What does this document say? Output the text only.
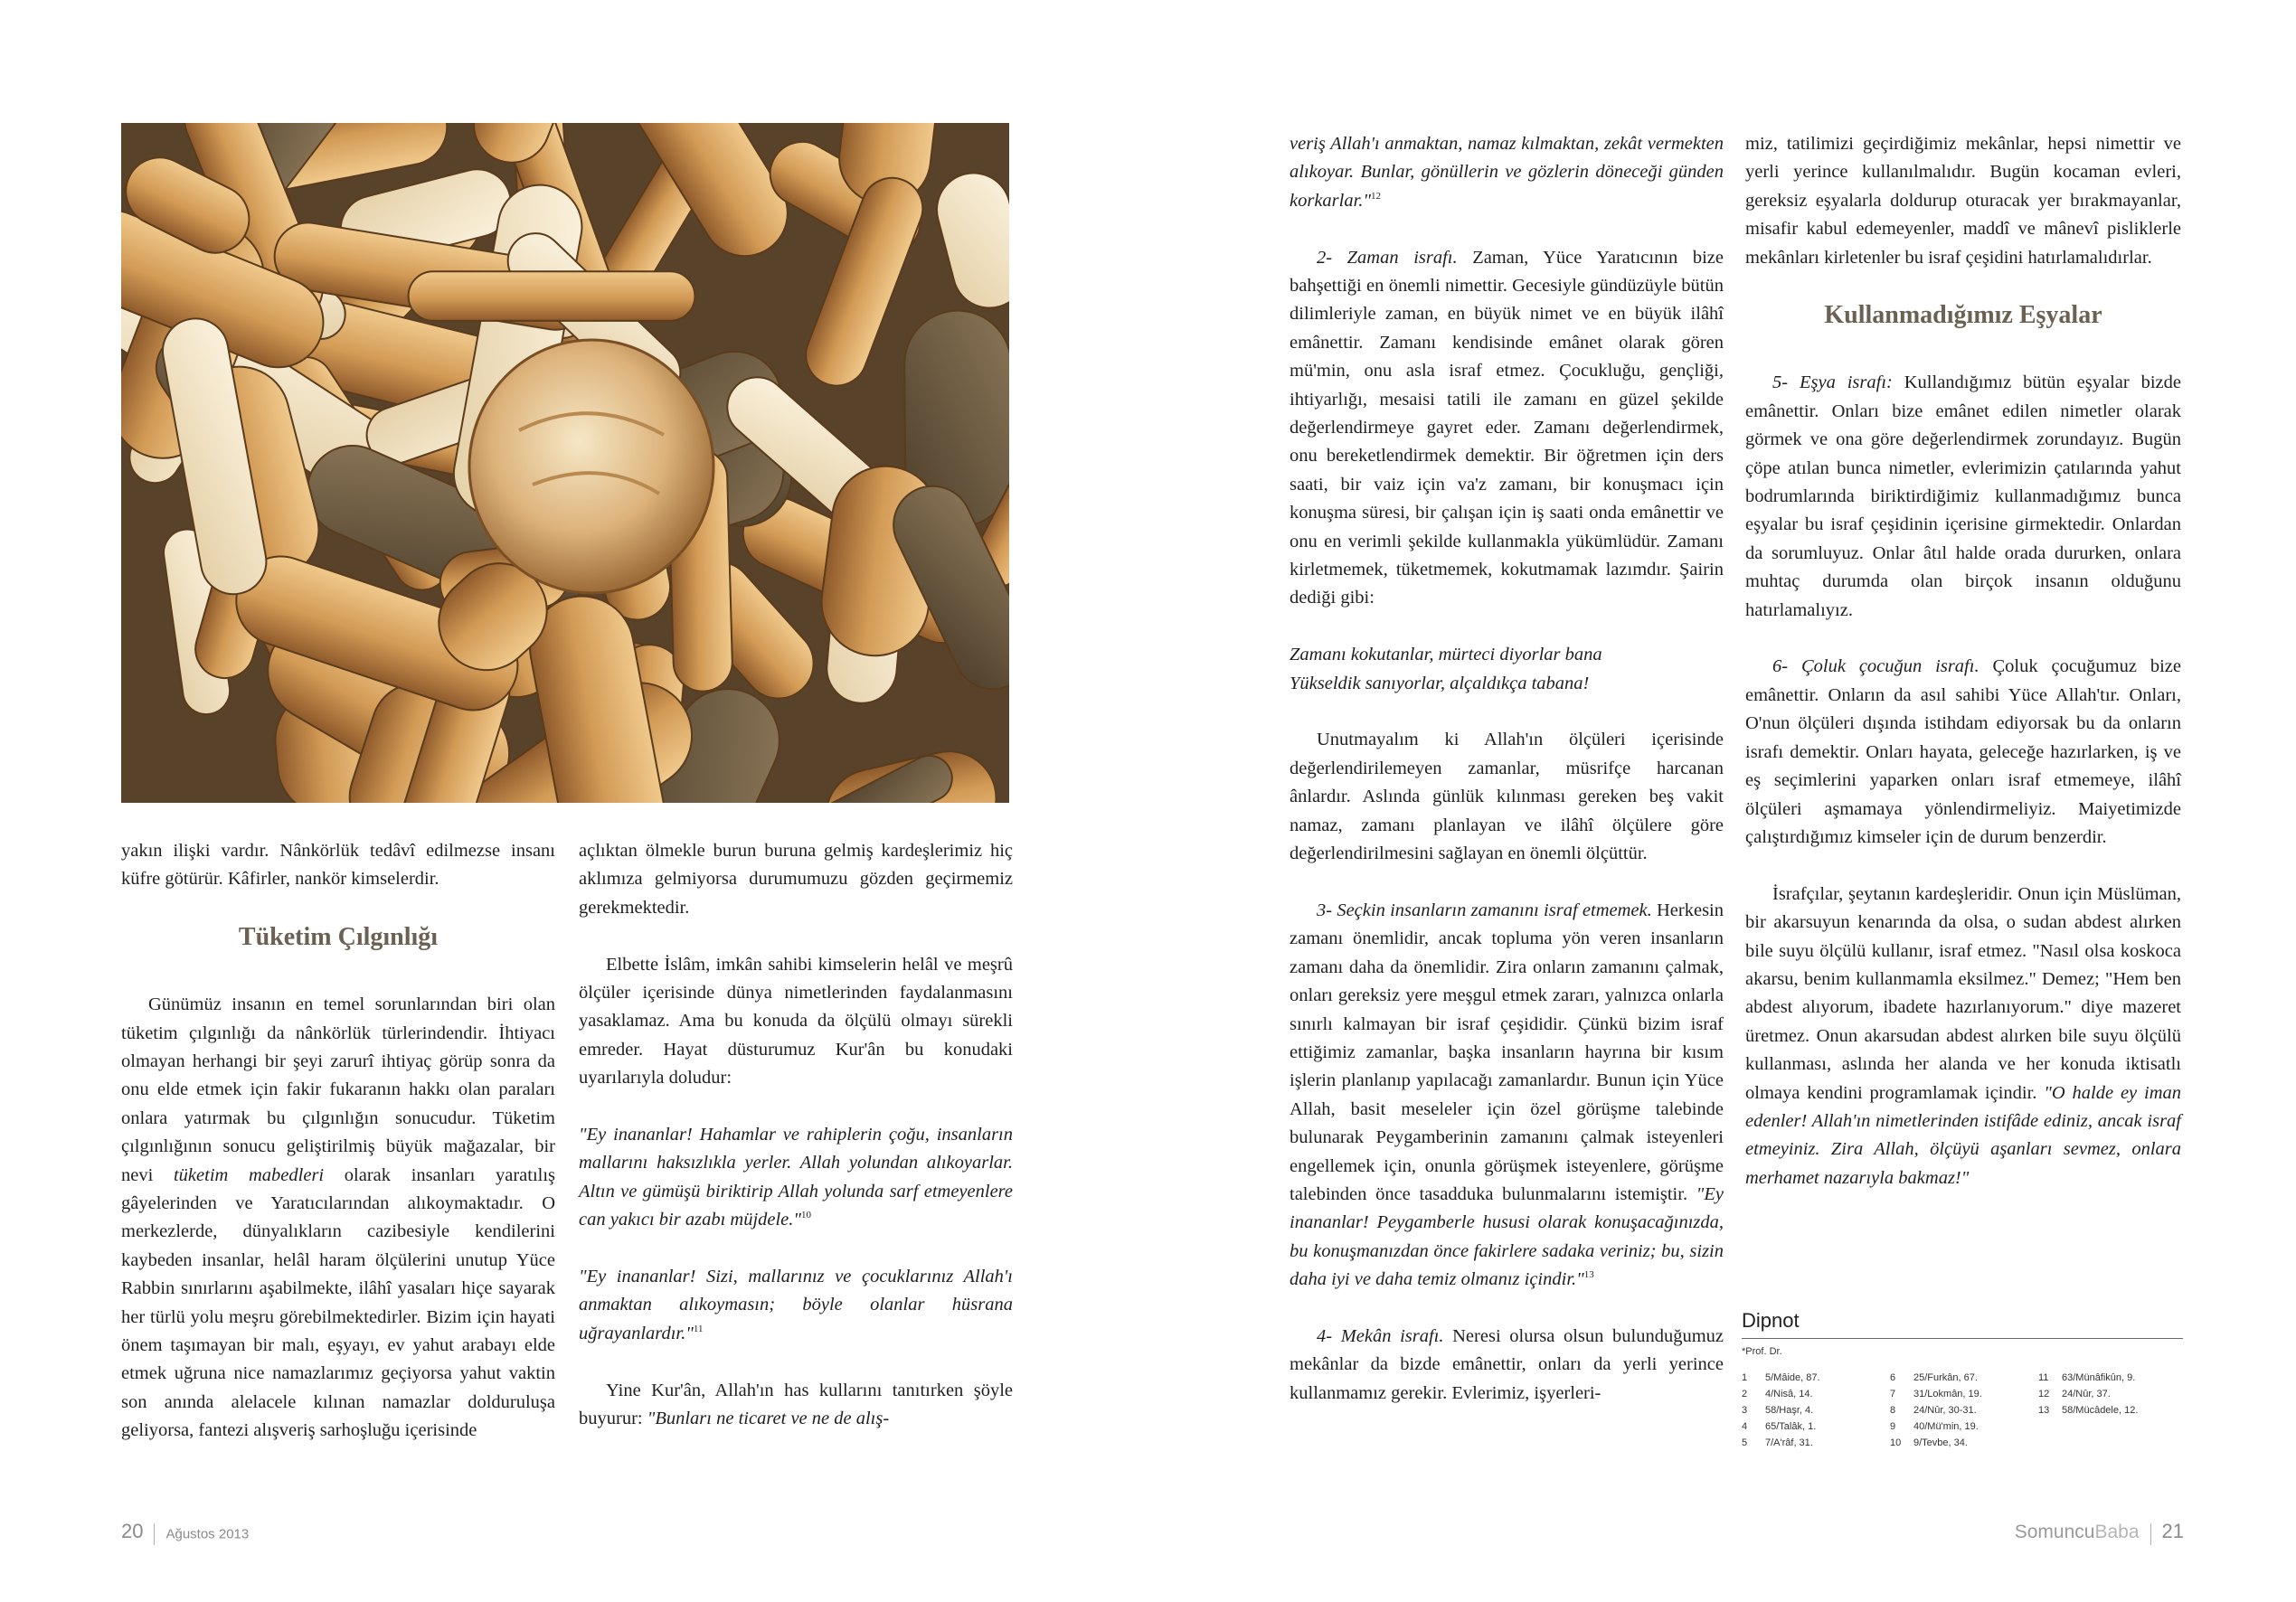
yakın ilişki vardır. Nânkörlük tedâvî edilmezse insanı küfre götürür. Kâfirler, nankör kimselerdir.

Tüketim Çılgınlığı

Günümüz insanın en temel sorunlarından biri olan tüketim çılgınlığı da nânkörlük türlerindendir. İhtiyacı olmayan herhangi bir şeyi zarurî ihtiyaç görüp sonra da onu elde etmek için fakir fukaranın hakkı olan paraları onlara yatırmak bu çılgınlığın sonucudur. Tüketim çılgınlığının sonucu geliştirilmiş büyük mağazalar, bir nevi tüketim mabedleri olarak insanları yaratılış gâyelerinden ve Yaratıcılarından alıkoymaktadır. O merkezlerde, dünyalıkların cazibesiyle kendilerini kaybeden insanlar, helâl haram ölçülerini unutup Yüce Rabbin sınırlarını aşabilmekte, ilâhî yasaları hiçe sayarak her türlü yolu meşru görebilmektedirler. Bizim için hayati önem taşımayan bir malı, eşyayı, ev yahut arabayı elde etmek uğruna nice namazlarımız geçiyorsa yahut vaktin son anında alelacele kılınan namazlar dolduruluşa geliyorsa, fantezi alışveriş sarhoşluğu içerisinde

açlıktan ölmekle burun buruna gelmiş kardeşlerimiz hiç aklımıza gelmiyorsa durumumuzu gözden geçirmemiz gerekmektedir.

Elbette İslâm, imkân sahibi kimselerin helâl ve meşrû ölçüler içerisinde dünya nimetlerinden faydalanmasını yasaklamaz. Ama bu konuda da ölçülü olmayı sürekli emreder. Hayat düsturumuz Kur'ân bu konudaki uyarılarıyla doludur:

"Ey inananlar! Hahamlar ve rahiplerin çoğu, insanların mallarını haksızlıkla yerler. Allah yolundan alıkoyarlar. Altın ve gümüşü biriktirip Allah yolunda sarf etmeyenlere can yakıcı bir azabı müjdele."$^{10}$

"Ey inananlar! Sizi, mallarınız ve çocuklarınız Allah'ı anmaktan alıkoymasın; böyle olanlar hüsrana uğrayanlardır."$^{11}$

Yine Kur'ân, Allah'ın has kullarını tanıtırken şöyle buyurur: "Bunları ne ticaret ve ne de alış-

veriş Allah'ı anmaktan, namaz kılmaktan, zekât vermekten alıkoyar. Bunlar, gönüllerin ve gözlerin döneceği günden korkarlar."$^{12}$

2- Zaman israfı. Zaman, Yüce Yaratıcının bize bahşettiği en önemli nimettir. Gecesiyle gündüzüyle bütün dilimleriyle zaman, en büyük nimet ve en büyük ilâhî emânettir. Zamanı kendisinde emânet olarak gören mü'min, onu asla israf etmez. Çocukluğu, gençliği, ihtiyarlığı, mesaisi tatili ile zamanı en güzel şekilde değerlendirmeye gayret eder. Zamanı değerlendirmek, onu bereketlendirmek demektir. Bir öğretmen için ders saati, bir vaiz için va'z zamanı, bir konuşmacı için konuşma süresi, bir çalışan için iş saati onda emânettir ve onu en verimli şekilde kullanmakla yükümlüdür. Zamanı kirletmemek, tüketmemek, kokutmamak lazımdır. Şairin dediği gibi:

Zamanı kokutanlar, mürteci diyorlar bana
Yükseldik sanıyorlar, alçaldıkça tabana!

Unutmayalım ki Allah'ın ölçüleri içerisinde değerlendirilemeyen zamanlar, müsrifçe harcanan ânlardır. Aslında günlük kılınması gereken beş vakit namaz, zamanı planlayan ve ilâhî ölçülere göre değerlendirilmesini sağlayan en önemli ölçüttür.

3- Seçkin insanların zamanını israf etmemek. Herkesin zamanı önemlidir, ancak topluma yön veren insanların zamanı daha da önemlidir. Zira onların zamanını çalmak, onları gereksiz yere meşgul etmek zararı, yalnızca onlarla sınırlı kalmayan bir israf çeşididir. Çünkü bizim israf ettiğimiz zamanlar, başka insanların hayrına bir kısım işlerin planlanıp yapılacağı zamanlardır. Bunun için Yüce Allah, basit meseleler için özel görüşme talebinde bulunarak Peygamberinin zamanını çalmak isteyenleri engellemek için, onunla görüşmek isteyenlere, görüşme talebinden önce tasadduka bulunmalarını istemiştir. "Ey inananlar! Peygamberle hususi olarak konuşacağınızda, bu konuşmanızdan önce fakirlere sadaka veriniz; bu, sizin daha iyi ve daha temiz olmanız içindir."$^{13}$

4- Mekân israfı. Neresi olursa olsun bulunduğumuz mekânlar da bizde emânettir, onları da yerli yerince kullanmamız gerekir. Evlerimiz, işyerleri-

miz, tatilimizi geçirdiğimiz mekânlar, hepsi nimettir ve yerli yerince kullanılmalıdır. Bugün kocaman evleri, gereksiz eşyalarla doldurup oturacak yer bırakmayanlar, misafir kabul edemeyenler, maddî ve mânevî pisliklerle mekânları kirletenler bu israf çeşidini hatırlamalıdırlar.

Kullanmadığımız Eşyalar

5- Eşya israfı: Kullandığımız bütün eşyalar bizde emânettir. Onları bize emânet edilen nimetler olarak görmek ve ona göre değerlendirmek zorundayız. Bugün çöpe atılan bunca nimetler, evlerimizin çatılarında yahut bodrumlarında biriktirdiğimiz kullanmadığımız bunca eşyalar bu israf çeşidinin içerisine girmektedir. Onlardan da sorumluyuz. Onlar âtıl halde orada dururken, onlara muhtaç durumda olan birçok insanın olduğunu hatırlamalıyız.

6- Çoluk çocuğun israfı. Çoluk çocuğumuz bize emânettir. Onların da asıl sahibi Yüce Allah'tır. Onları, O'nun ölçüleri dışında istihdam ediyorsak bu da onların israfı demektir. Onları hayata, geleceğe hazırlarken, iş ve eş seçimlerini yaparken onları israf etmemeye, ilâhî ölçüleri aşmamaya yönlendirmeliyiz. Maiyetimizde çalıştırdığımız kimseler için de durum benzerdir.

İsrafçılar, şeytanın kardeşleridir. Onun için Müslüman, bir akarsuyun kenarında da olsa, o sudan abdest alırken bile suyu ölçülü kullanır, israf etmez. "Nasıl olsa koskoca akarsu, benim kullanmamla eksilmez." Demez; "Hem ben abdest alıyorum, ibadete hazırlanıyorum." diye mazeret üretmez. Onun akarsudan abdest alırken bile suyu ölçülü kullanması, aslında her alanda ve her konuda iktisatlı olmaya kendini programlamak içindir. "O halde ey iman edenler! Allah'ın nimetlerinden istifâde ediniz, ancak israf etmeyiniz. Zira Allah, ölçüyü aşanları sevmez, onlara merhamet nazarıyla bakmaz!"

Dipnot
*Prof. Dr.
1	5/Mâide, 87.
2	4/Nisâ, 14.
3	58/Haşr, 4.
4	65/Talâk, 1.
5	7/A'râf, 31.
6	25/Furkân, 67.
7	31/Lokmân, 19.
8	24/Nûr, 30-31.
9	40/Mü'min, 19.
10	9/Tevbe, 34.
11	63/Münâfikûn, 9.
12	24/Nûr, 37.
13	58/Mücâdele, 12.
20 Ağustos 2013	SomuncuBaba 21
